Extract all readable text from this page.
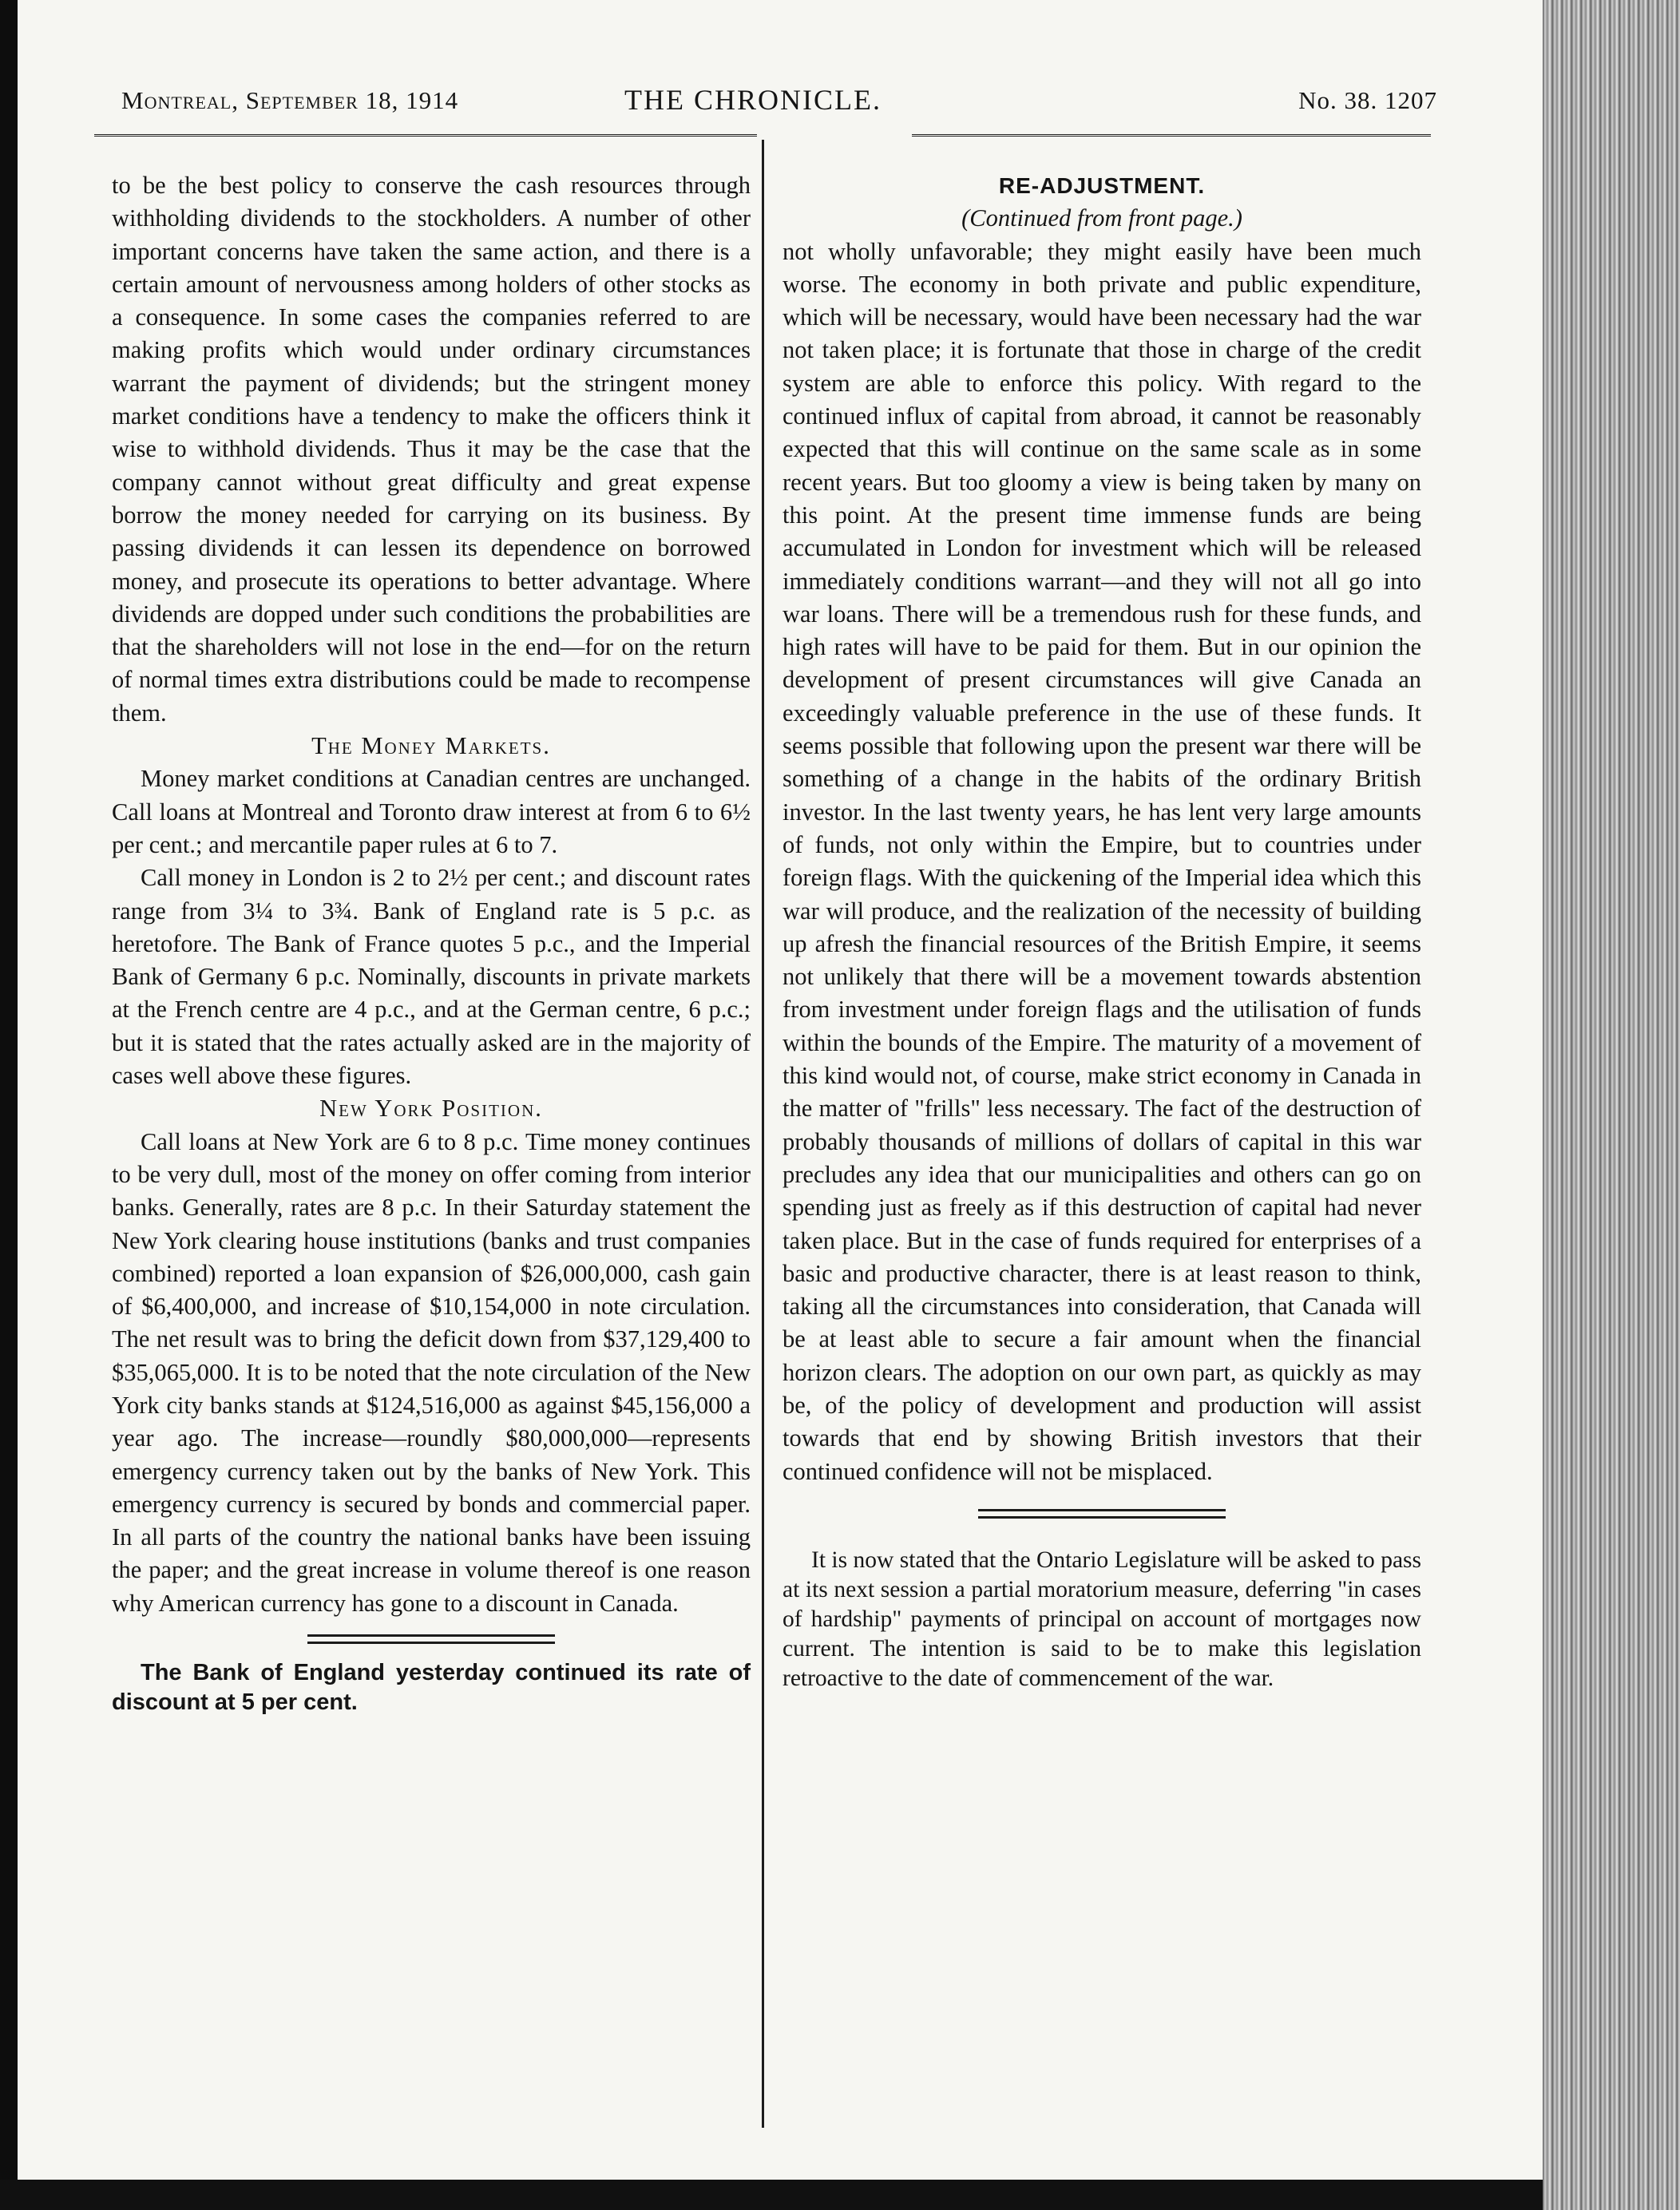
Montreal, September 18, 1914	THE CHRONICLE.	No. 38. 1207

to be the best policy to conserve the cash resources through withholding dividends to the stockholders. A number of other important concerns have taken the same action, and there is a certain amount of nervousness among holders of other stocks as a consequence. In some cases the companies referred to are making profits which would under ordinary circumstances warrant the payment of dividends; but the stringent money market conditions have a tendency to make the officers think it wise to withhold dividends. Thus it may be the case that the company cannot without great difficulty and great expense borrow the money needed for carrying on its business. By passing dividends it can lessen its dependence on borrowed money, and prosecute its operations to better advantage. Where dividends are dopped under such conditions the probabilities are that the shareholders will not lose in the end—for on the return of normal times extra distributions could be made to recompense them.

The Money Markets.

Money market conditions at Canadian centres are unchanged. Call loans at Montreal and Toronto draw interest at from 6 to 6½ per cent.; and mercantile paper rules at 6 to 7.

Call money in London is 2 to 2½ per cent.; and discount rates range from 3¼ to 3¾. Bank of England rate is 5 p.c. as heretofore. The Bank of France quotes 5 p.c., and the Imperial Bank of Germany 6 p.c. Nominally, discounts in private markets at the French centre are 4 p.c., and at the German centre, 6 p.c.; but it is stated that the rates actually asked are in the majority of cases well above these figures.

New York Position.

Call loans at New York are 6 to 8 p.c. Time money continues to be very dull, most of the money on offer coming from interior banks. Generally, rates are 8 p.c. In their Saturday statement the New York clearing house institutions (banks and trust companies combined) reported a loan expansion of $26,000,000, cash gain of $6,400,000, and increase of $10,154,000 in note circulation. The net result was to bring the deficit down from $37,129,400 to $35,065,000. It is to be noted that the note circulation of the New York city banks stands at $124,516,000 as against $45,156,000 a year ago. The increase—roundly $80,000,000—represents emergency currency taken out by the banks of New York. This emergency currency is secured by bonds and commercial paper. In all parts of the country the national banks have been issuing the paper; and the great increase in volume thereof is one reason why American currency has gone to a discount in Canada.

The Bank of England yesterday continued its rate of discount at 5 per cent.

RE-ADJUSTMENT.

(Continued from front page.)

not wholly unfavorable; they might easily have been much worse. The economy in both private and public expenditure, which will be necessary, would have been necessary had the war not taken place; it is fortunate that those in charge of the credit system are able to enforce this policy. With regard to the continued influx of capital from abroad, it cannot be reasonably expected that this will continue on the same scale as in some recent years. But too gloomy a view is being taken by many on this point. At the present time immense funds are being accumulated in London for investment which will be released immediately conditions warrant—and they will not all go into war loans. There will be a tremendous rush for these funds, and high rates will have to be paid for them. But in our opinion the development of present circumstances will give Canada an exceedingly valuable preference in the use of these funds. It seems possible that following upon the present war there will be something of a change in the habits of the ordinary British investor. In the last twenty years, he has lent very large amounts of funds, not only within the Empire, but to countries under foreign flags. With the quickening of the Imperial idea which this war will produce, and the realization of the necessity of building up afresh the financial resources of the British Empire, it seems not unlikely that there will be a movement towards abstention from investment under foreign flags and the utilisation of funds within the bounds of the Empire. The maturity of a movement of this kind would not, of course, make strict economy in Canada in the matter of "frills" less necessary. The fact of the destruction of probably thousands of millions of dollars of capital in this war precludes any idea that our municipalities and others can go on spending just as freely as if this destruction of capital had never taken place. But in the case of funds required for enterprises of a basic and productive character, there is at least reason to think, taking all the circumstances into consideration, that Canada will be at least able to secure a fair amount when the financial horizon clears. The adoption on our own part, as quickly as may be, of the policy of development and production will assist towards that end by showing British investors that their continued confidence will not be misplaced.

It is now stated that the Ontario Legislature will be asked to pass at its next session a partial moratorium measure, deferring "in cases of hardship" payments of principal on account of mortgages now current. The intention is said to be to make this legislation retroactive to the date of commencement of the war.
